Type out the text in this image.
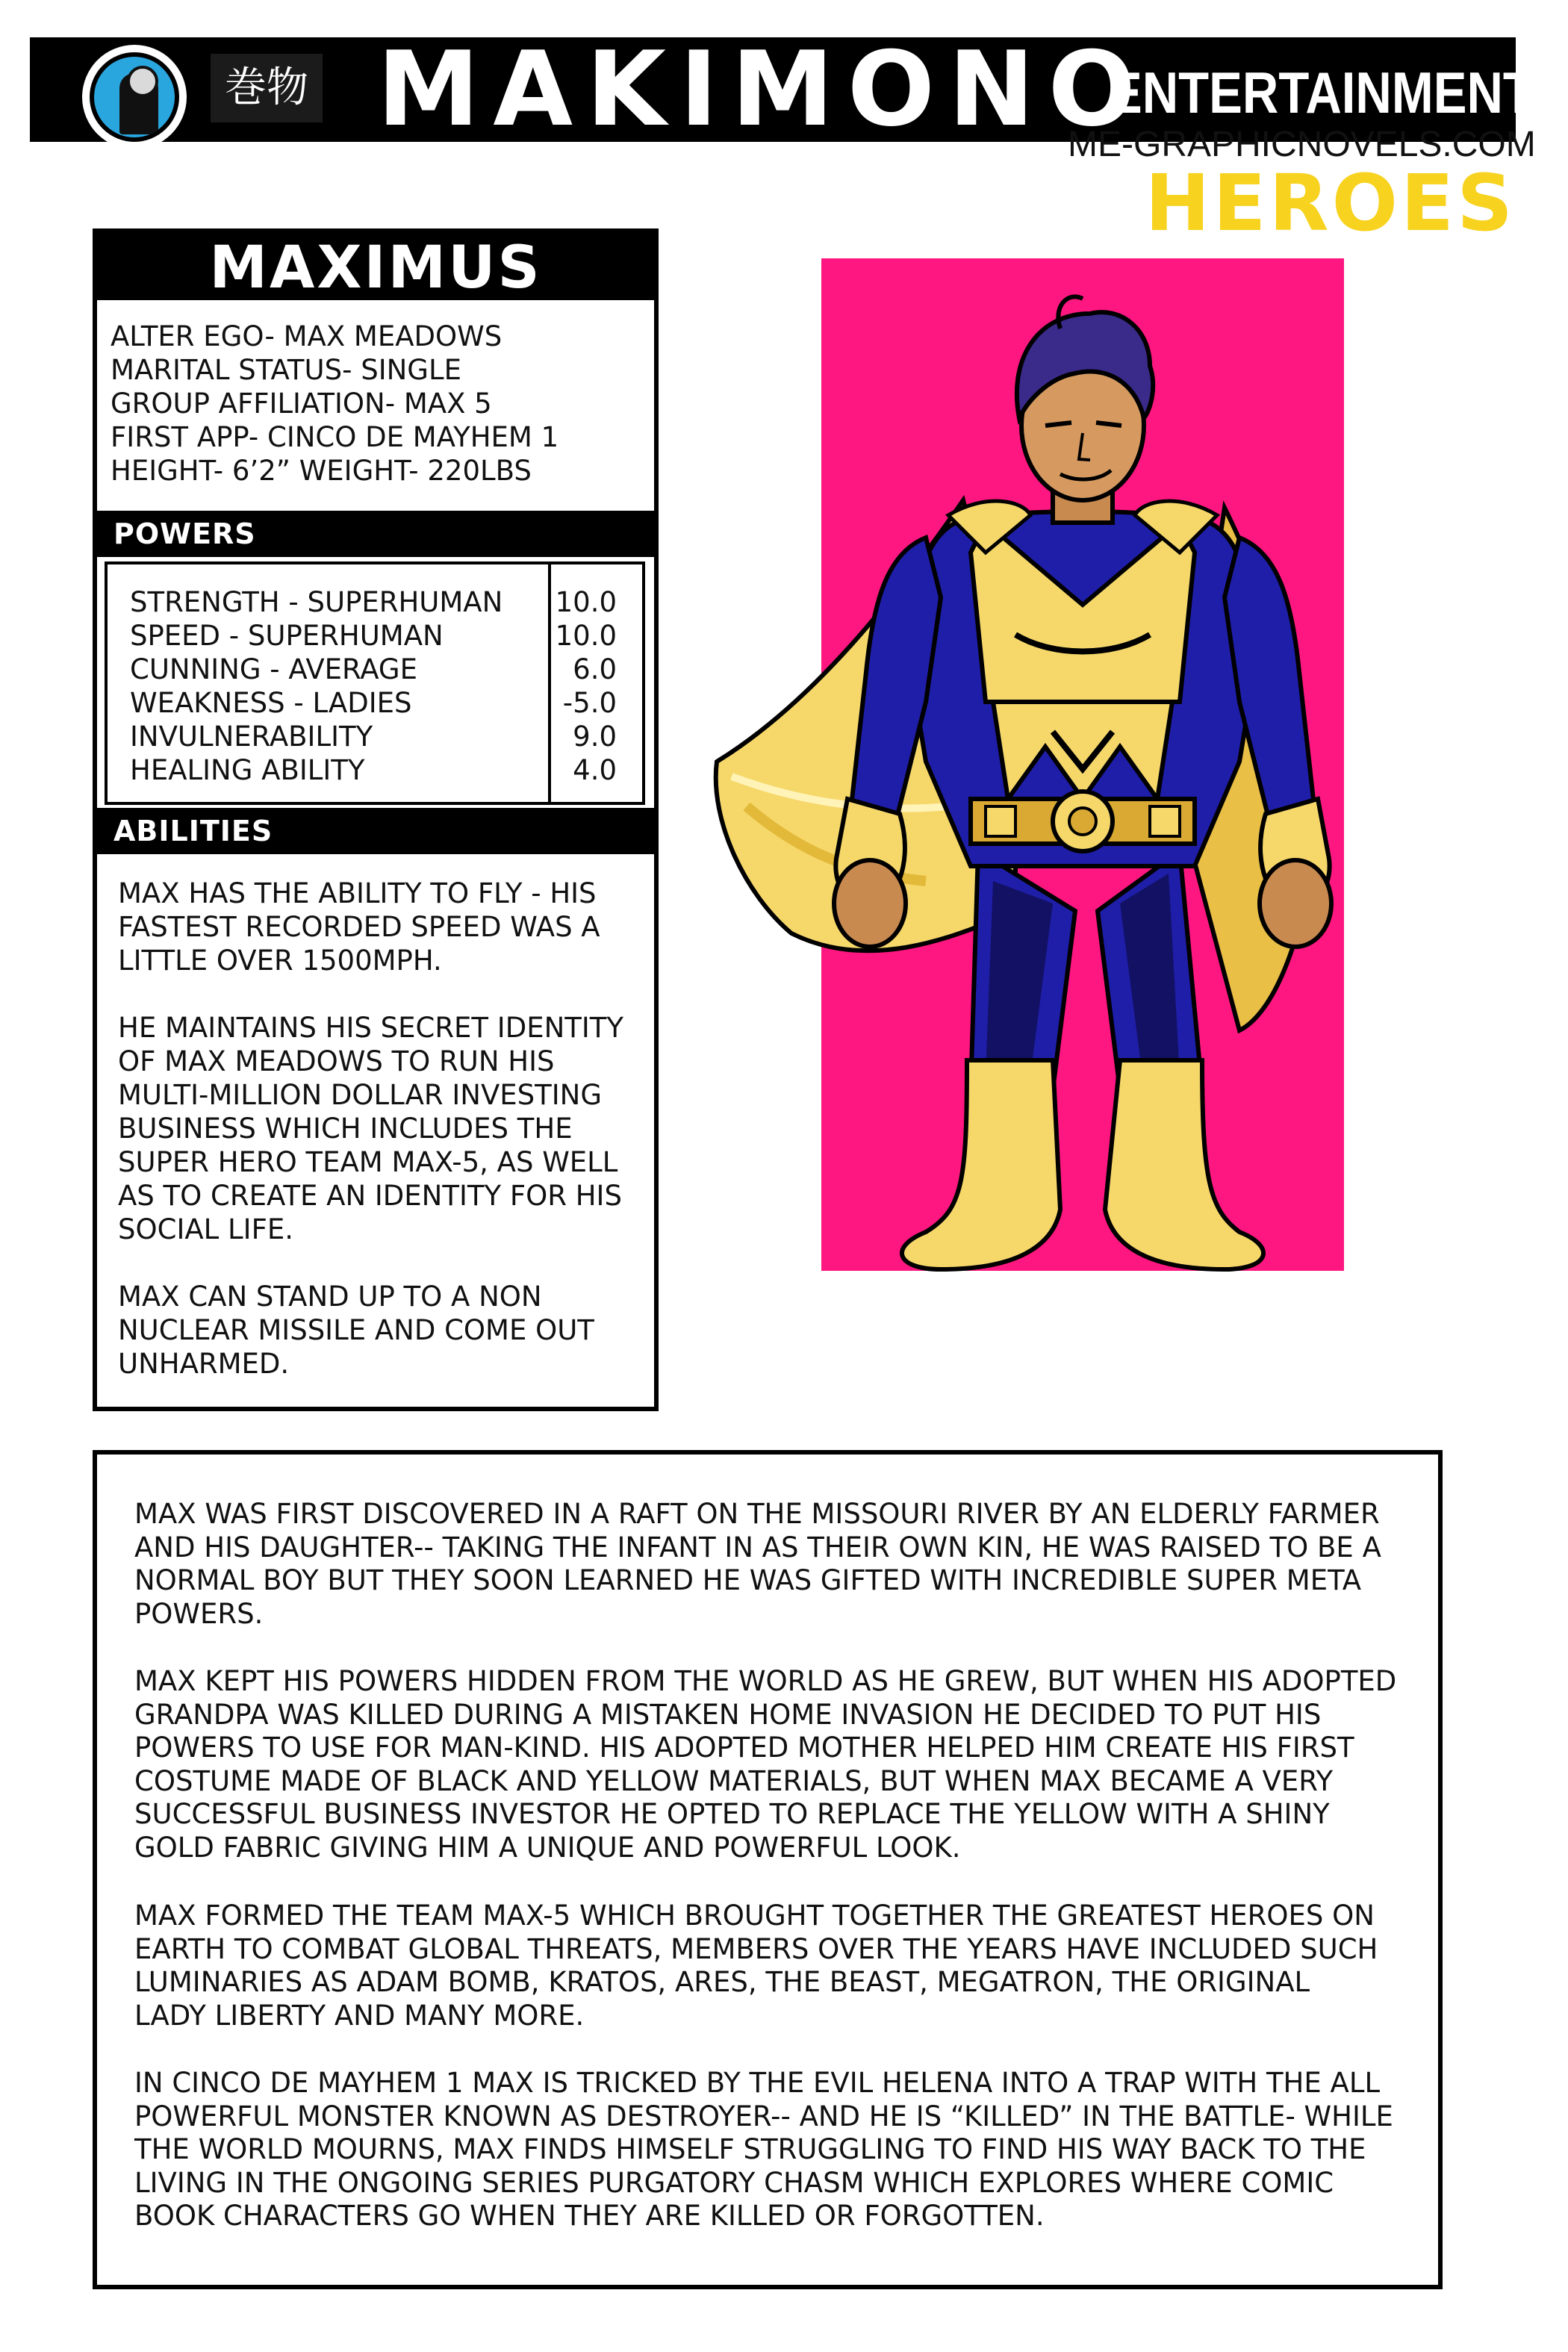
巻物 MAKIMONO
ENTERTAINMENT
ME-GRAPHICNOVELS.COM
HEROES
MAXIMUS
ALTER EGO- MAX MEADOWS
MARITAL STATUS- SINGLE
GROUP AFFILIATION- MAX 5
FIRST APP- CINCO DE MAYHEM 1
HEIGHT- 6’2” WEIGHT- 220LBS
POWERS
STRENGTH - SUPERHUMAN 10.0
SPEED - SUPERHUMAN	10.0
CUNNING - AVERAGE	6.0
WEAKNESS - LADIES	-5.0
INVULNERABILITY	9.0
HEALING ABILITY	4.0
ABILITIES
MAX HAS THE ABILITY TO FLY - HIS
FASTEST RECORDED SPEED WAS A
LITTLE OVER 1500MPH.
HE MAINTAINS HIS SECRET IDENTITY
OF MAX MEADOWS TO RUN HIS
MULTI-MILLION DOLLAR INVESTING
BUSINESS WHICH INCLUDES THE
SUPER HERO TEAM MAX-5, AS WELL
AS TO CREATE AN IDENTITY FOR HIS
SOCIAL LIFE.
MAX CAN STAND UP TO A NON
NUCLEAR MISSILE AND COME OUT
UNHARMED.
MAX WAS FIRST DISCOVERED IN A RAFT ON THE MISSOURI RIVER BY AN ELDERLY FARMER
AND HIS DAUGHTER-- TAKING THE INFANT IN AS THEIR OWN KIN, HE WAS RAISED TO BE A
NORMAL BOY BUT THEY SOON LEARNED HE WAS GIFTED WITH INCREDIBLE SUPER META
POWERS.
MAX KEPT HIS POWERS HIDDEN FROM THE WORLD AS HE GREW, BUT WHEN HIS ADOPTED
GRANDPA WAS KILLED DURING A MISTAKEN HOME INVASION HE DECIDED TO PUT HIS
POWERS TO USE FOR MAN-KIND. HIS ADOPTED MOTHER HELPED HIM CREATE HIS FIRST
COSTUME MADE OF BLACK AND YELLOW MATERIALS, BUT WHEN MAX BECAME A VERY
SUCCESSFUL BUSINESS INVESTOR HE OPTED TO REPLACE THE YELLOW WITH A SHINY
GOLD FABRIC GIVING HIM A UNIQUE AND POWERFUL LOOK.
MAX FORMED THE TEAM MAX-5 WHICH BROUGHT TOGETHER THE GREATEST HEROES ON
EARTH TO COMBAT GLOBAL THREATS, MEMBERS OVER THE YEARS HAVE INCLUDED SUCH
LUMINARIES AS ADAM BOMB, KRATOS, ARES, THE BEAST, MEGATRON, THE ORIGINAL
LADY LIBERTY AND MANY MORE.
IN CINCO DE MAYHEM 1 MAX IS TRICKED BY THE EVIL HELENA INTO A TRAP WITH THE ALL
POWERFUL MONSTER KNOWN AS DESTROYER-- AND HE IS “KILLED” IN THE BATTLE- WHILE
THE WORLD MOURNS, MAX FINDS HIMSELF STRUGGLING TO FIND HIS WAY BACK TO THE
LIVING IN THE ONGOING SERIES PURGATORY CHASM WHICH EXPLORES WHERE COMIC
BOOK CHARACTERS GO WHEN THEY ARE KILLED OR FORGOTTEN.
